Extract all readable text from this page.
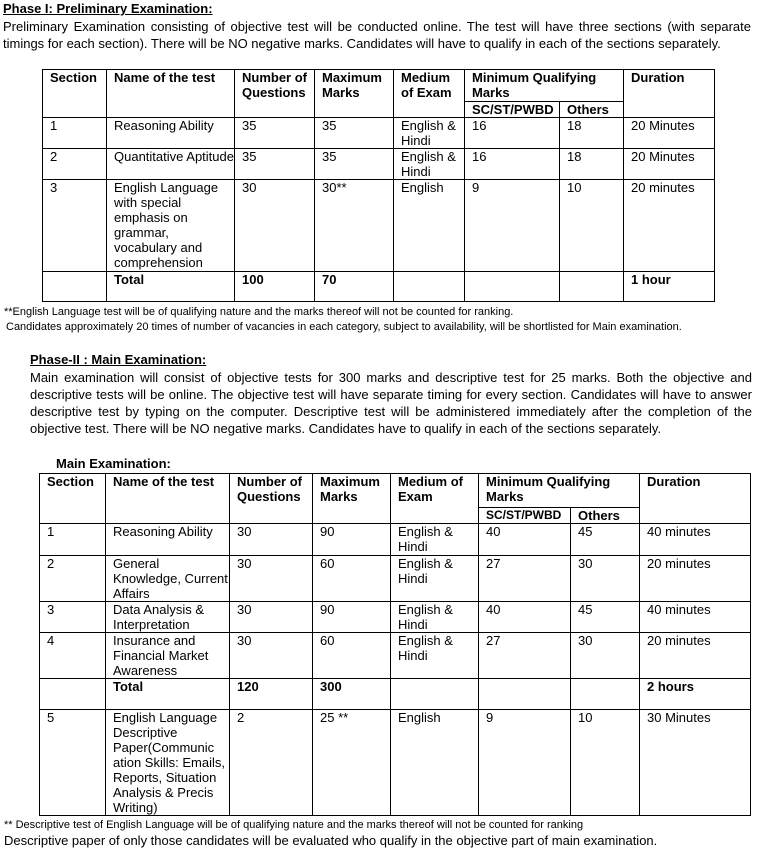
Phase I: Preliminary Examination:
Preliminary Examination consisting of objective test will be conducted online. The test will have three sections (with separate timings for each section). There will be NO negative marks. Candidates will have to qualify in each of the sections separately.
Section	Name of the test	Number of Questions	Maximum Marks	Medium of Exam	Minimum Qualifying Marks		Duration
					SC/ST/PWBD	Others	
1	Reasoning Ability	35	35	English & Hindi	16	18	20 Minutes
2	Quantitative Aptitude	35	35	English & Hindi	16	18	20 Minutes
3	English Language with special emphasis on grammar, vocabulary and comprehension	30	30**	English	9	10	20 minutes
	Total	100	70				1 hour
**English Language test will be of qualifying nature and the marks thereof will not be counted for ranking.
Candidates approximately 20 times of number of vacancies in each category, subject to availability, will be shortlisted for Main examination.
Phase-II : Main Examination:
Main examination will consist of objective tests for 300 marks and descriptive test for 25 marks. Both the objective and descriptive tests will be online. The objective test will have separate timing for every section. Candidates will have to answer descriptive test by typing on the computer. Descriptive test will be administered immediately after the completion of the objective test. There will be NO negative marks. Candidates have to qualify in each of the sections separately.
Main Examination:
Section	Name of the test	Number of Questions	Maximum Marks	Medium of Exam	Minimum Qualifying Marks		Duration
					SC/ST/PWBD	Others	
1	Reasoning Ability	30	90	English & Hindi	40	45	40 minutes
2	General Knowledge, Current Affairs	30	60	English & Hindi	27	30	20 minutes
3	Data Analysis & Interpretation	30	90	English & Hindi	40	45	40 minutes
4	Insurance and Financial Market Awareness	30	60	English & Hindi	27	30	20 minutes
	Total	120	300				2 hours
5	English Language Descriptive Paper(Communic ation Skills: Emails, Reports, Situation Analysis & Precis Writing)	2	25 **	English	9	10	30 Minutes
** Descriptive test of English Language will be of qualifying nature and the marks thereof will not be counted for ranking
Descriptive paper of only those candidates will be evaluated who qualify in the objective part of main examination.
